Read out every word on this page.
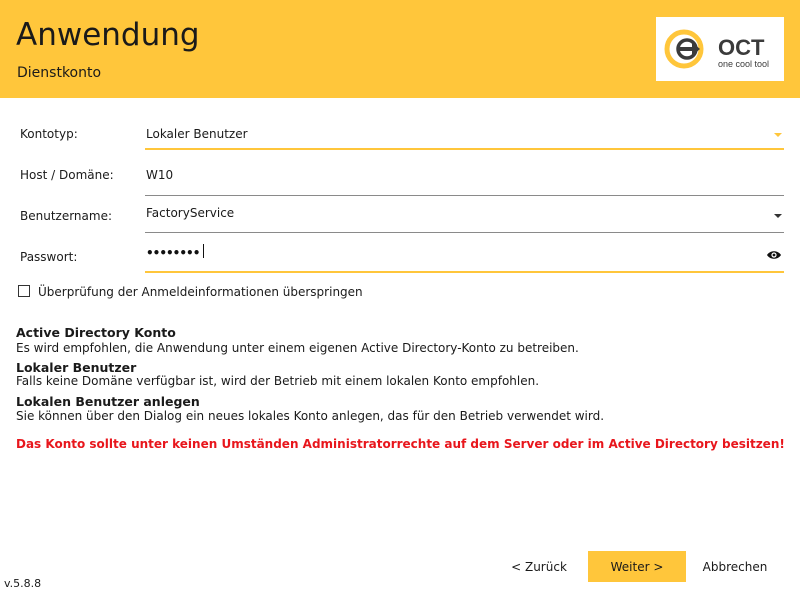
Anwendung
Dienstkonto
OCT
one cool tool
Kontotyp:	Lokaler Benutzer
Host / Domäne:	W10
Benutzername:	FactoryService
Passwort:	••••••••
Überprüfung der Anmeldeinformationen überspringen
Active Directory Konto
Es wird empfohlen, die Anwendung unter einem eigenen Active Directory-Konto zu betreiben.
Lokaler Benutzer
Falls keine Domäne verfügbar ist, wird der Betrieb mit einem lokalen Konto empfohlen.
Lokalen Benutzer anlegen
Sie können über den Dialog ein neues lokales Konto anlegen, das für den Betrieb verwendet wird.
Das Konto sollte unter keinen Umständen Administratorrechte auf dem Server oder im Active Directory besitzen!
< Zurück	Weiter >	Abbrechen
v.5.8.8
